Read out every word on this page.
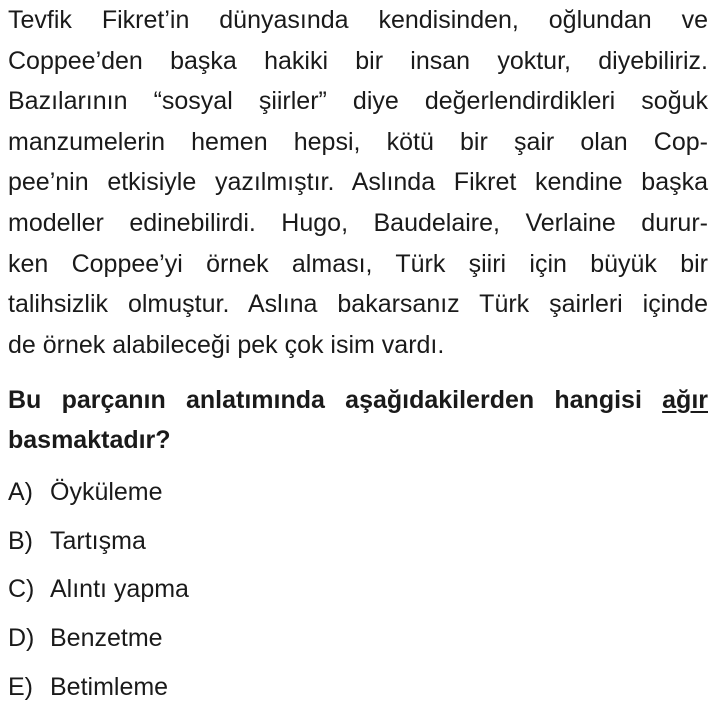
Tevfik Fikret’in dünyasında kendisinden, oğlundan ve
Coppee’den başka hakiki bir insan yoktur, diyebiliriz.
Bazılarının “sosyal şiirler” diye değerlendirdikleri soğuk
manzumelerin hemen hepsi, kötü bir şair olan Cop-
pee’nin etkisiyle yazılmıştır. Aslında Fikret kendine başka
modeller edinebilirdi. Hugo, Baudelaire, Verlaine durur-
ken Coppee’yi örnek alması, Türk şiiri için büyük bir
talihsizlik olmuştur. Aslına bakarsanız Türk şairleri içinde
de örnek alabileceği pek çok isim vardı.
Bu parçanın anlatımında aşağıdakilerden hangisi ağır
basmaktadır?
A) Öyküleme
B) Tartışma
C) Alıntı yapma
D) Benzetme
E) Betimleme
